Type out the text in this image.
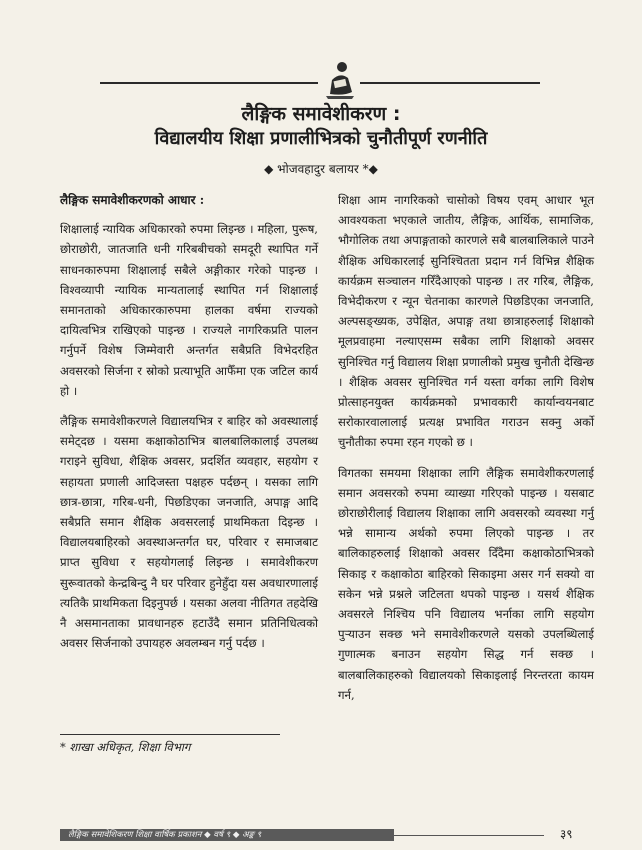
लैङ्गिक समावेशीकरण :
विद्यालयीय शिक्षा प्रणालीभित्रको चुनौतीपूर्ण रणनीति
◆ भोजवहादुर बलायर *◆
लैङ्गिक समावेशीकरणको आधार :

शिक्षालाई न्यायिक अधिकारको रुपमा लिइन्छ । महिला, पुरूष, छोराछोरी, जातजाति धनी गरिबबीचको समदूरी स्थापित गर्ने साधनकारुपमा शिक्षालाई सबैले अङ्गीकार गरेको पाइन्छ । विश्वव्यापी न्यायिक मान्यतालाई स्थापित गर्न शिक्षालाई समानताको अधिकारकारुपमा हालका वर्षमा राज्यको दायित्वभित्र राखिएको पाइन्छ । राज्यले नागरिकप्रति पालन गर्नुपर्ने विशेष जिम्मेवारी अन्तर्गत सबैप्रति विभेदरहित अवसरको सिर्जना र स्रोको प्रत्याभूति आफैँमा एक जटिल कार्य हो ।

लैङ्गिक समावेशीकरणले विद्यालयभित्र र बाहिर को अवस्थालाई समेट्दछ । यसमा कक्षाकोठाभित्र बालबालिकालाई उपलब्ध गराइने सुविधा, शैक्षिक अवसर, प्रदर्शित व्यवहार, सहयोग र सहायता प्रणाली आदिजस्ता पक्षहरु पर्दछन् । यसका लागि छात्र-छात्रा, गरिब-धनी, पिछडिएका जनजाति, अपाङ्ग आदि सबैप्रति समान शैक्षिक अवसरलाई प्राथमिकता दिइन्छ । विद्यालयबाहिरको अवस्थाअन्तर्गत घर, परिवार र समाजबाट प्राप्त सुविधा र सहयोगलाई लिइन्छ । समावेशीकरण सुरूवातको केन्द्रबिन्दु नै घर परिवार हुनेहुँदा यस अवधारणालाई त्यतिकै प्राथमिकता दिइनुपर्छ । यसका अलवा नीतिगत तहदेखि नै असमानताका प्रावधानहरु हटाउँदै समान प्रतिनिधित्वको अवसर सिर्जनाको उपायहरु अवलम्बन गर्नु पर्दछ ।

शिक्षा आम नागरिकको चासोको विषय एवम् आधार भूत आवश्यकता भएकाले जातीय, लैङ्गिक, आर्थिक, सामाजिक, भौगोलिक तथा अपाङ्गताको कारणले सबै बालबालिकाले पाउने शैक्षिक अधिकारलाई सुनिश्चितता प्रदान गर्न विभिन्न शैक्षिक कार्यक्रम सञ्चालन गरिँदैआएको पाइन्छ । तर गरिब, लैङ्गिक, विभेदीकरण र न्यून चेतनाका कारणले पिछडिएका जनजाति, अल्पसङ्ख्यक, उपेक्षित, अपाङ्ग तथा छात्राहरुलाई शिक्षाको मूलप्रवाहमा नल्याएसम्म सबैका लागि शिक्षाको अवसर सुनिश्चित गर्नु विद्यालय शिक्षा प्रणालीको प्रमुख चुनौती देखिन्छ । शैक्षिक अवसर सुनिश्चित गर्न यस्ता वर्गका लागि विशेष प्रोत्साहनयुक्त कार्यक्रमको प्रभावकारी कार्यान्वयनबाट सरोकारवालालाई प्रत्यक्ष प्रभावित गराउन सक्नु अर्को चुनौतीका रुपमा रहन गएको छ ।

विगतका समयमा शिक्षाका लागि लैङ्गिक समावेशीकरणलाई समान अवसरको रुपमा व्याख्या गरिएको पाइन्छ । यसबाट छोराछोरीलाई विद्यालय शिक्षाका लागि अवसरको व्यवस्था गर्नु भन्ने सामान्य अर्थको रुपमा लिएको पाइन्छ । तर बालिकाहरुलाई शिक्षाको अवसर दिँदैमा कक्षाकोठाभित्रको सिकाइ र कक्षाकोठा बाहिरको सिकाइमा असर गर्न सक्यो वा सकेन भन्ने प्रश्नले जटिलता थपको पाइन्छ । यसर्थ शैक्षिक अवसरले निश्चिय पनि विद्यालय भर्नाका लागि सहयोग पुऱ्याउन सक्छ भने समावेशीकरणले यसको उपलब्धिलाई गुणात्मक बनाउन सहयोग सिद्ध गर्न सक्छ । बालबालिकाहरुको विद्यालयको सिकाइलाई निरन्तरता कायम गर्न,

* शाखा अधिकृत, शिक्षा विभाग
लैङ्गिक समावेशिकरण शिक्षा वार्षिक प्रकाशन ◆ वर्ष ९ ◆ अङ्क ९	३९
